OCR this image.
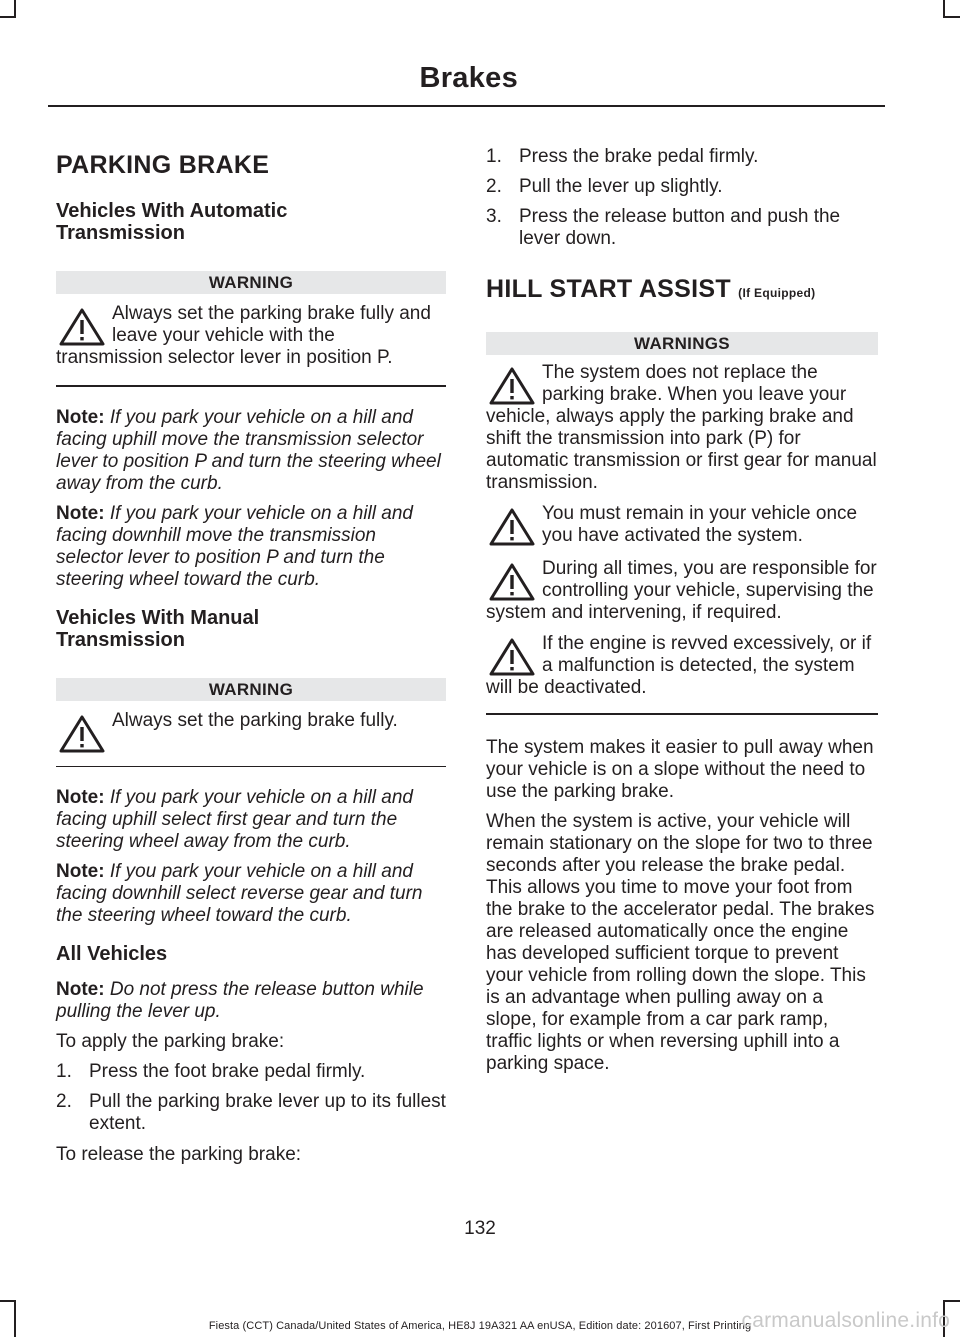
Brakes
PARKING BRAKE
Vehicles With Automatic Transmission
WARNING
Always set the parking brake fully and leave your vehicle with the transmission selector lever in position P.

Note: If you park your vehicle on a hill and facing uphill move the transmission selector lever to position P and turn the steering wheel away from the curb.

Note: If you park your vehicle on a hill and facing downhill move the transmission selector lever to position P and turn the steering wheel toward the curb.

Vehicles With Manual Transmission
WARNING
Always set the parking brake fully.

Note: If you park your vehicle on a hill and facing uphill select first gear and turn the steering wheel away from the curb.

Note: If you park your vehicle on a hill and facing downhill select reverse gear and turn the steering wheel toward the curb.

All Vehicles

Note: Do not press the release button while pulling the lever up.

To apply the parking brake:

1. Press the foot brake pedal firmly.
2. Pull the parking brake lever up to its fullest extent.

To release the parking brake:

1. Press the brake pedal firmly.
2. Pull the lever up slightly.
3. Press the release button and push the lever down.
HILL START ASSIST (If Equipped)
WARNINGS
The system does not replace the parking brake. When you leave your vehicle, always apply the parking brake and shift the transmission into park (P) for automatic transmission or first gear for manual transmission.
You must remain in your vehicle once you have activated the system.
During all times, you are responsible for controlling your vehicle, supervising the system and intervening, if required.
If the engine is revved excessively, or if a malfunction is detected, the system will be deactivated.

The system makes it easier to pull away when your vehicle is on a slope without the need to use the parking brake.

When the system is active, your vehicle will remain stationary on the slope for two to three seconds after you release the brake pedal. This allows you time to move your foot from the brake to the accelerator pedal. The brakes are released automatically once the engine has developed sufficient torque to prevent your vehicle from rolling down the slope. This is an advantage when pulling away on a slope, for example from a car park ramp, traffic lights or when reversing uphill into a parking space.

132
Fiesta (CCT) Canada/United States of America, HE8J 19A321 AA enUSA, Edition date: 201607, First Printing
carmanualsonline.info
